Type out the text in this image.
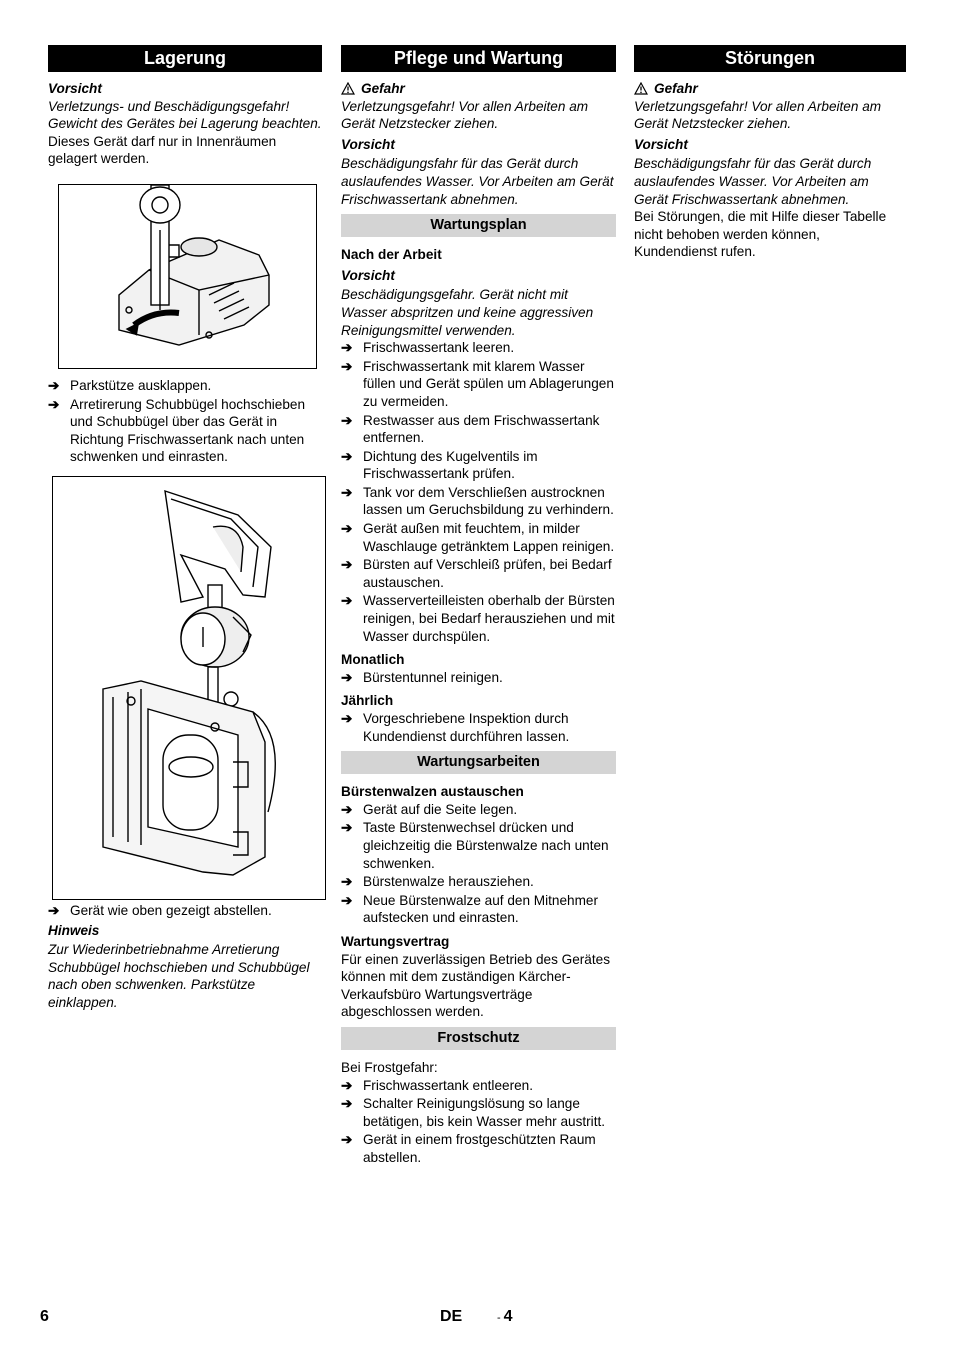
Lagerung

Vorsicht

Verletzungs- und Beschädigungsgefahr! Gewicht des Gerätes bei Lagerung beachten.

Dieses Gerät darf nur in Innenräumen gelagert werden.

➔ Parkstütze ausklappen.
➔ Arretirerung Schubbügel hochschieben und Schubbügel über das Gerät in Richtung Frischwassertank nach unten schwenken und einrasten.
➔ Gerät wie oben gezeigt abstellen.

Hinweis

Zur Wiederinbetriebnahme Arretierung Schubbügel hochschieben und Schubbügel nach oben schwenken. Parkstütze einklappen.

Pflege und Wartung

Gefahr

Verletzungsgefahr! Vor allen Arbeiten am Gerät Netzstecker ziehen.

Vorsicht

Beschädigungsfahr für das Gerät durch auslaufendes Wasser. Vor Arbeiten am Gerät Frischwassertank abnehmen.

Wartungsplan

Nach der Arbeit

Vorsicht

Beschädigungsgefahr. Gerät nicht mit Wasser abspritzen und keine aggressiven Reinigungsmittel verwenden.

➔ Frischwassertank leeren.
➔ Frischwassertank mit klarem Wasser füllen und Gerät spülen um Ablagerungen zu vermeiden.
➔ Restwasser aus dem Frischwassertank entfernen.
➔ Dichtung des Kugelventils im Frischwassertank prüfen.
➔ Tank vor dem Verschließen austrocknen lassen um Geruchsbildung zu verhindern.
➔ Gerät außen mit feuchtem, in milder Waschlauge getränktem Lappen reinigen.
➔ Bürsten auf Verschleiß prüfen, bei Bedarf austauschen.
➔ Wasserverteilleisten oberhalb der Bürsten reinigen, bei Bedarf herausziehen und mit Wasser durchspülen.

Monatlich

➔ Bürstentunnel reinigen.

Jährlich

➔ Vorgeschriebene Inspektion durch Kundendienst durchführen lassen.
Wartungsarbeiten

Bürstenwalzen austauschen

➔ Gerät auf die Seite legen.
➔ Taste Bürstenwechsel drücken und gleichzeitig die Bürstenwalze nach unten schwenken.
➔ Bürstenwalze herausziehen.
➔ Neue Bürstenwalze auf den Mitnehmer aufstecken und einrasten.

Wartungsvertrag

Für einen zuverlässigen Betrieb des Gerätes können mit dem zuständigen Kärcher-Verkaufsbüro Wartungsverträge abgeschlossen werden.

Frostschutz

Bei Frostgefahr:

➔ Frischwassertank entleeren.
➔ Schalter Reinigungslösung so lange betätigen, bis kein Wasser mehr austritt.
➔ Gerät in einem frostgeschützten Raum abstellen.
Störungen

Gefahr

Verletzungsgefahr! Vor allen Arbeiten am Gerät Netzstecker ziehen.

Vorsicht

Beschädigungsfahr für das Gerät durch auslaufendes Wasser. Vor Arbeiten am Gerät Frischwassertank abnehmen.

Bei Störungen, die mit Hilfe dieser Tabelle nicht behoben werden können, Kundendienst rufen.

6	DE	- 4
